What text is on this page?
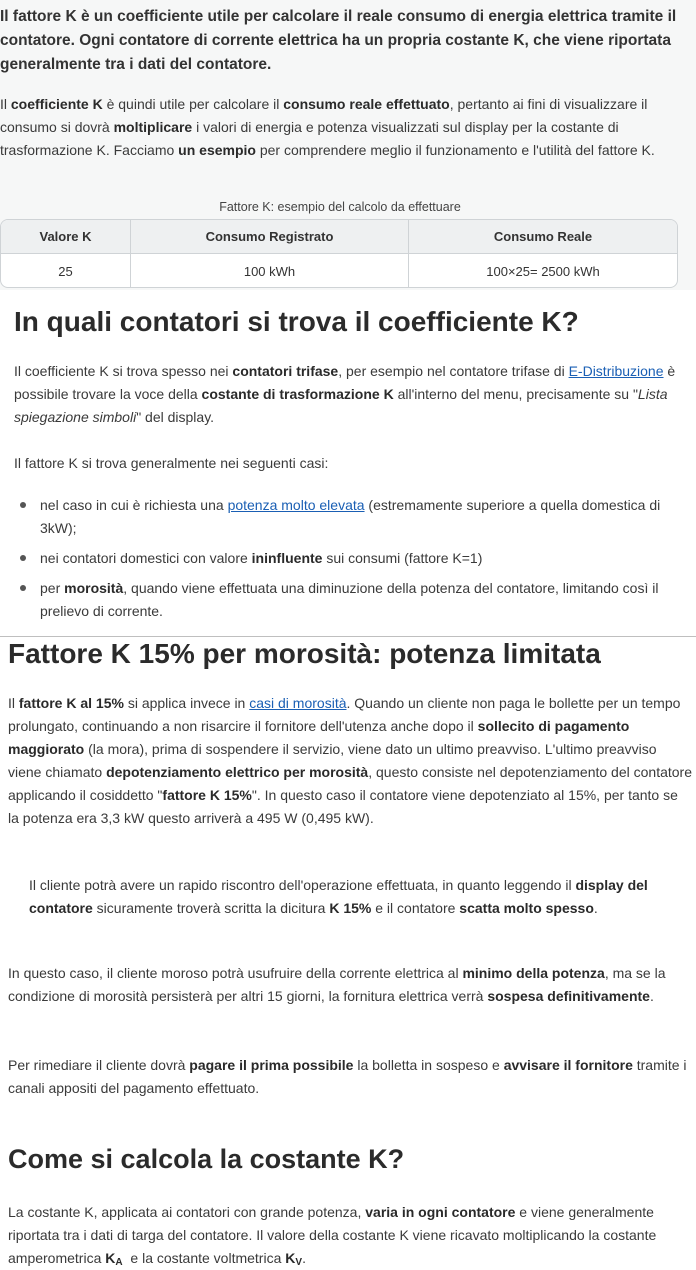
Il fattore K è un coefficiente utile per calcolare il reale consumo di energia elettrica tramite il contatore. Ogni contatore di corrente elettrica ha un propria costante K, che viene riportata generalmente tra i dati del contatore.

Il coefficiente K è quindi utile per calcolare il consumo reale effettuato, pertanto ai fini di visualizzare il consumo si dovrà moltiplicare i valori di energia e potenza visualizzati sul display per la costante di trasformazione K. Facciamo un esempio per comprendere meglio il funzionamento e l'utilità del fattore K.

Fattore K: esempio del calcolo da effettuare
Valore K	Consumo Registrato	Consumo Reale
25	100 kWh	100×25= 2500 kWh
In quali contatori si trova il coefficiente K?

Il coefficiente K si trova spesso nei contatori trifase, per esempio nel contatore trifase di E-Distribuzione è possibile trovare la voce della costante di trasformazione K all'interno del menu, precisamente su "Lista spiegazione simboli" del display.

Il fattore K si trova generalmente nei seguenti casi:

nel caso in cui è richiesta una potenza molto elevata (estremamente superiore a quella domestica di 3kW);
nei contatori domestici con valore ininfluente sui consumi (fattore K=1)
per morosità, quando viene effettuata una diminuzione della potenza del contatore, limitando così il prelievo di corrente.
Fattore K 15% per morosità: potenza limitata

Il fattore K al 15% si applica invece in casi di morosità. Quando un cliente non paga le bollette per un tempo prolungato, continuando a non risarcire il fornitore dell'utenza anche dopo il sollecito di pagamento maggiorato (la mora), prima di sospendere il servizio, viene dato un ultimo preavviso. L'ultimo preavviso viene chiamato depotenziamento elettrico per morosità, questo consiste nel depotenziamento del contatore applicando il cosiddetto "fattore K 15%". In questo caso il contatore viene depotenziato al 15%, per tanto se la potenza era 3,3 kW questo arriverà a 495 W (0,495 kW).

Il cliente potrà avere un rapido riscontro dell'operazione effettuata, in quanto leggendo il display del contatore sicuramente troverà scritta la dicitura K 15% e il contatore scatta molto spesso.

In questo caso, il cliente moroso potrà usufruire della corrente elettrica al minimo della potenza, ma se la condizione di morosità persisterà per altri 15 giorni, la fornitura elettrica verrà sospesa definitivamente.

Per rimediare il cliente dovrà pagare il prima possibile la bolletta in sospeso e avvisare il fornitore tramite i canali appositi del pagamento effettuato.

Come si calcola la costante K?

La costante K, applicata ai contatori con grande potenza, varia in ogni contatore e viene generalmente riportata tra i dati di targa del contatore. Il valore della costante K viene ricavato moltiplicando la costante amperometrica $K_A$  e la costante voltmetrica $K_V$.
